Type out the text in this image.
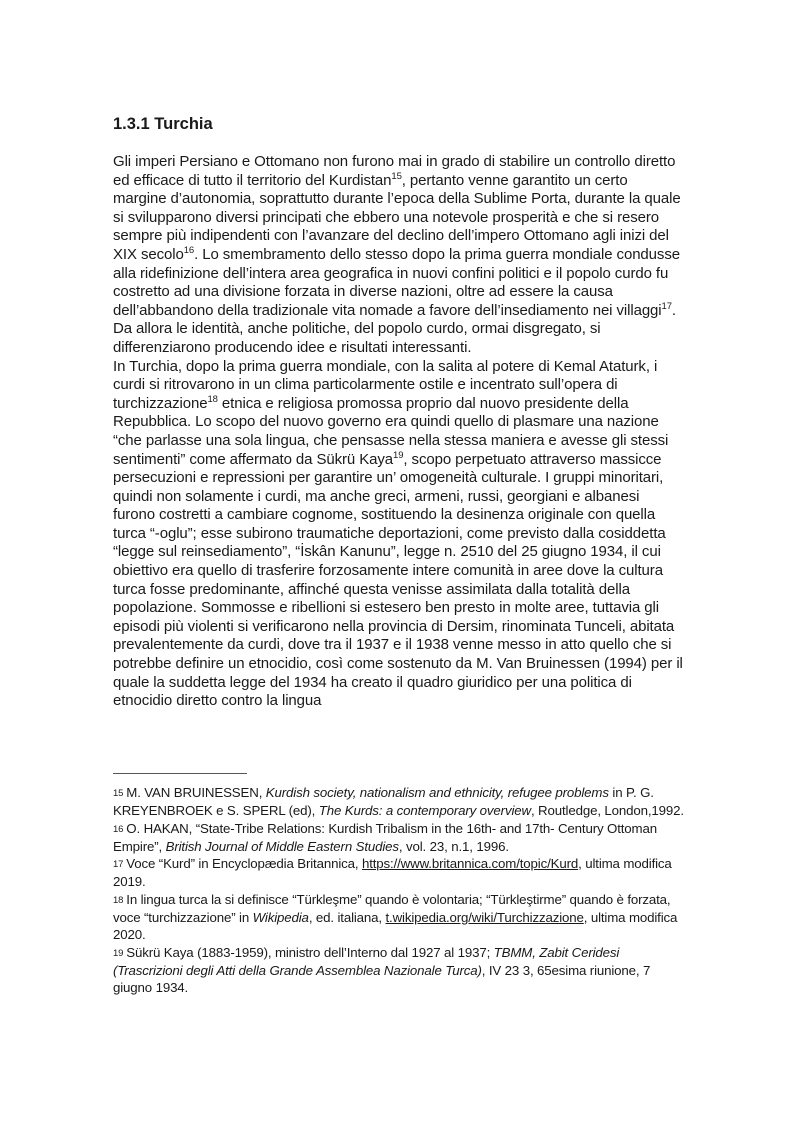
1.3.1 Turchia

Gli imperi Persiano e Ottomano non furono mai in grado di stabilire un controllo diretto ed efficace di tutto il territorio del Kurdistan$^{15}$, pertanto venne garantito un certo margine d’autonomia, soprattutto durante l’epoca della Sublime Porta, durante la quale si svilupparono diversi principati che ebbero una notevole prosperità e che si resero sempre più indipendenti con l’avanzare del declino dell’impero Ottomano agli inizi del XIX secolo$^{16}$. Lo smembramento dello stesso dopo la prima guerra mondiale condusse alla ridefinizione dell’intera area geografica in nuovi confini politici e il popolo curdo fu costretto ad una divisione forzata in diverse nazioni, oltre ad essere la causa dell’abbandono della tradizionale vita nomade a favore dell’insediamento nei villaggi$^{17}$.

Da allora le identità, anche politiche, del popolo curdo, ormai disgregato, si differenziarono producendo idee e risultati interessanti.

In Turchia, dopo la prima guerra mondiale, con la salita al potere di Kemal Ataturk, i curdi si ritrovarono in un clima particolarmente ostile e incentrato sull’opera di turchizzazione$^{18}$ etnica e religiosa promossa proprio dal nuovo presidente della Repubblica. Lo scopo del nuovo governo era quindi quello di plasmare una nazione “che parlasse una sola lingua, che pensasse nella stessa maniera e avesse gli stessi sentimenti” come affermato da Sükrü Kaya$^{19}$, scopo perpetuato attraverso massicce persecuzioni e repressioni per garantire un’ omogeneità culturale. I gruppi minoritari, quindi non solamente i curdi, ma anche greci, armeni, russi, georgiani e albanesi furono costretti a cambiare cognome, sostituendo la desinenza originale con quella turca “-oglu”; esse subirono traumatiche deportazioni, come previsto dalla cosiddetta “legge sul reinsediamento”, “İskân Kanunu”, legge n. 2510 del 25 giugno 1934, il cui obiettivo era quello di trasferire forzosamente intere comunità in aree dove la cultura turca fosse predominante, affinché questa venisse assimilata dalla totalità della popolazione. Sommosse e ribellioni si estesero ben presto in molte aree, tuttavia gli episodi più violenti si verificarono nella provincia di Dersim, rinominata Tunceli, abitata prevalentemente da curdi, dove tra il 1937 e il 1938 venne messo in atto quello che si potrebbe definire un etnocidio, così come sostenuto da M. Van Bruinessen (1994) per il quale la suddetta legge del 1934 ha creato il quadro giuridico per una politica di etnocidio diretto contro la lingua

15 M. VAN BRUINESSEN, Kurdish society, nationalism and ethnicity, refugee problems in P. G. KREYENBROEK e S. SPERL (ed), The Kurds: a contemporary overview, Routledge, London,1992.

16 O. HAKAN, “State-Tribe Relations: Kurdish Tribalism in the 16th- and 17th- Century Ottoman Empire”, British Journal of Middle Eastern Studies, vol. 23, n.1, 1996.

17 Voce “Kurd” in Encyclopædia Britannica, https://www.britannica.com/topic/Kurd, ultima modifica 2019.

18 In lingua turca la si definisce “Türkleşme” quando è volontaria; “Türkleştirme” quando è forzata, voce “turchizzazione” in Wikipedia, ed. italiana, t.wikipedia.org/wiki/Turchizzazione, ultima modifica 2020.

19 Sükrü Kaya (1883-1959), ministro dell’Interno dal 1927 al 1937; TBMM, Zabit Ceridesi (Trascrizioni degli Atti della Grande Assemblea Nazionale Turca), IV 23 3, 65esima riunione, 7 giugno 1934.
